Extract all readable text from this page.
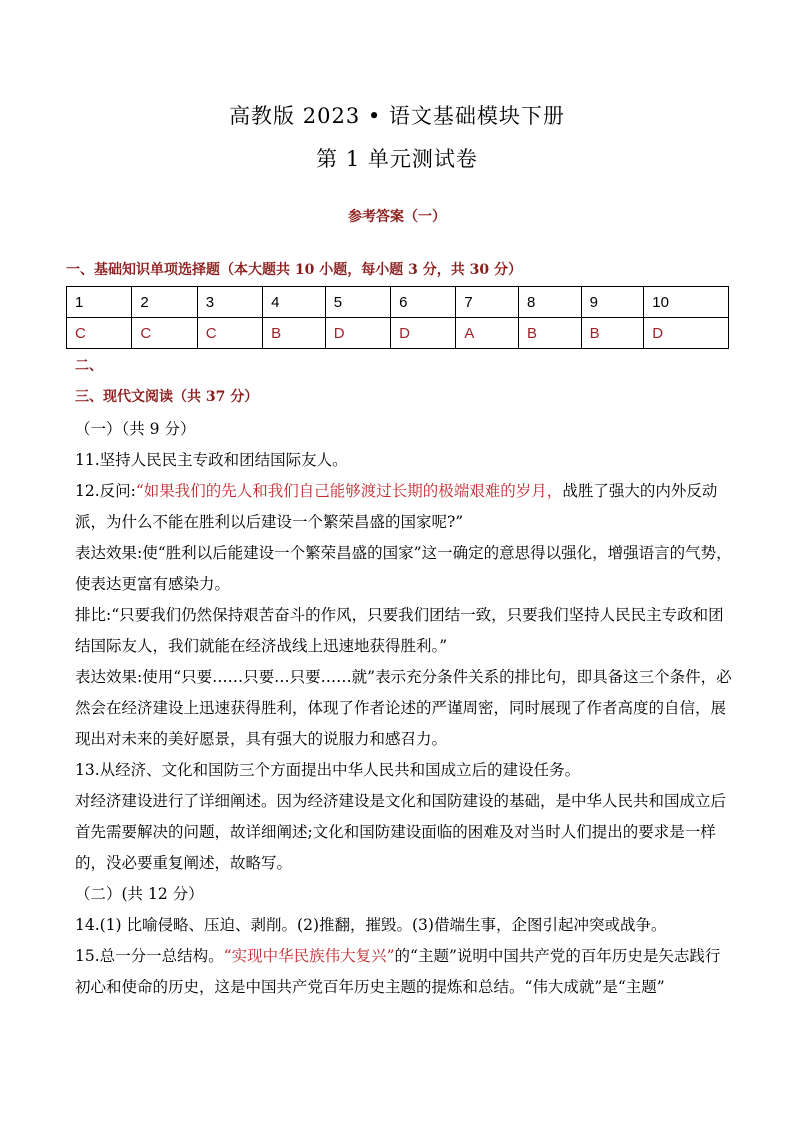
高教版 2023 • 语文基础模块下册
第 1 单元测试卷
参考答案（一）
一、基础知识单项选择题（本大题共 10 小题，每小题 3 分，共 30 分）
1	2	3	4	5	6	7	8	9	10
C	C	C	B	D	D	A	B	B	D
二、
三、现代文阅读（共 37 分）

（一）（共 9 分）

11.坚持人民民主专政和团结国际友人。

12.反问:“如果我们的先人和我们自己能够渡过长期的极端艰难的岁月，战胜了强大的内外反动派，为什么不能在胜利以后建设一个繁荣昌盛的国家呢?”

表达效果:使“胜利以后能建设一个繁荣昌盛的国家”这一确定的意思得以强化，增强语言的气势，使表达更富有感染力。

排比:“只要我们仍然保持艰苦奋斗的作风，只要我们团结一致，只要我们坚持人民民主专政和团结国际友人，我们就能在经济战线上迅速地获得胜利。”

表达效果:使用“只要……只要…只要……就”表示充分条件关系的排比句，即具备这三个条件，必然会在经济建设上迅速获得胜利，体现了作者论述的严谨周密，同时展现了作者高度的自信，展现出对未来的美好愿景，具有强大的说服力和感召力。

13.从经济、文化和国防三个方面提出中华人民共和国成立后的建设任务。

对经济建设进行了详细阐述。因为经济建设是文化和国防建设的基础，是中华人民共和国成立后首先需要解决的问题，故详细阐述;文化和国防建设面临的困难及对当时人们提出的要求是一样的，没必要重复阐述，故略写。

（二）(共 12 分）

14.(1) 比喻侵略、压迫、剥削。(2)推翻，摧毁。(3)借端生事，企图引起冲突或战争。

15.总一分一总结构。“实现中华民族伟大复兴”的“主题”说明中国共产党的百年历史是矢志践行初心和使命的历史，这是中国共产党百年历史主题的提炼和总结。“伟大成就”是“主题”
